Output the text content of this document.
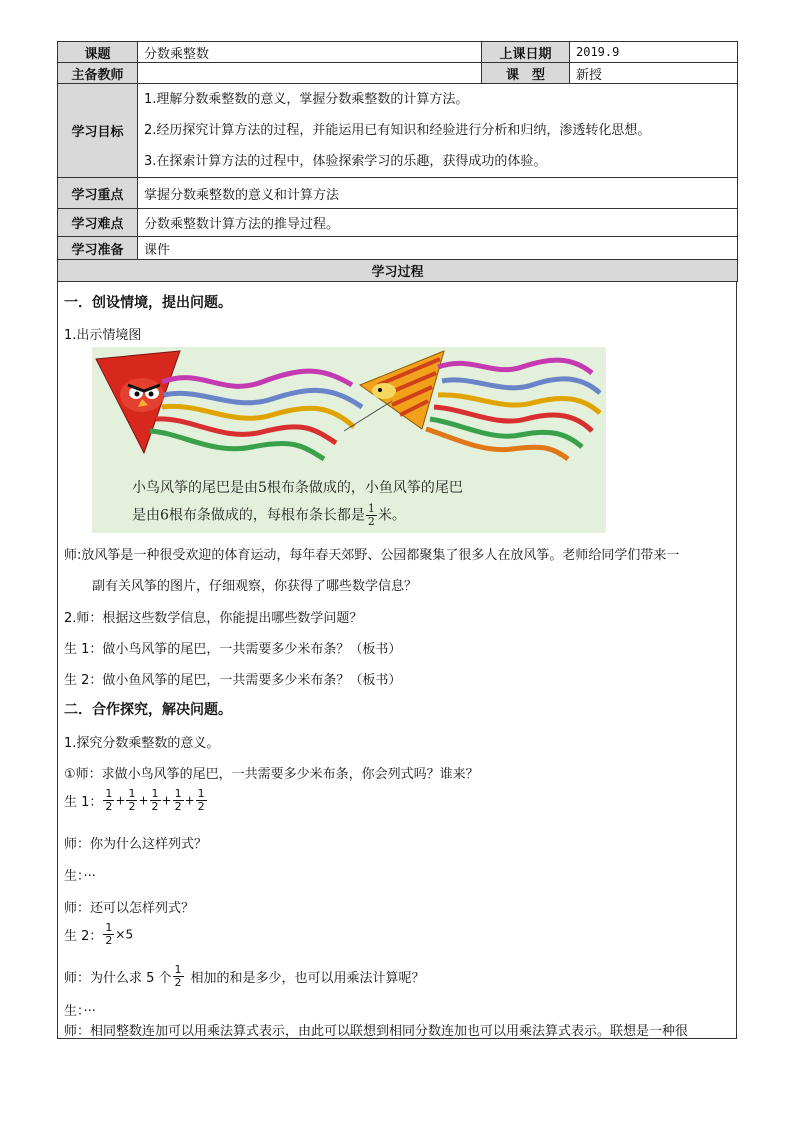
课题	分数乘整数	上课日期	2019.9
主备教师		课　型	新授
学习目标	1.理解分数乘整数的意义，掌握分数乘整数的计算方法。
2.经历探究计算方法的过程，并能运用已有知识和经验进行分析和归纳，渗透转化思想。
3.在探索计算方法的过程中，体验探索学习的乐趣，获得成功的体验。		

学习重点	掌握分数乘整数的意义和计算方法		
学习难点	分数乘整数计算方法的推导过程。		
学习准备	课件		
学习过程			
一．创设情境，提出问题。
1.出示情境图
小鸟风筝的尾巴是由5根布条做成的，小鱼风筝的尾巴
是由6根布条做成的，每根布条长都是 $\frac{1}{2}$ 米。
师:放风筝是一种很受欢迎的体育运动，每年春天郊野、公园都聚集了很多人在放风筝。老师给同学们带来一
副有关风筝的图片，仔细观察，你获得了哪些数学信息？
2.师：根据这些数学信息，你能提出哪些数学问题？
生 1：做小鸟风筝的尾巴，一共需要多少米布条？（板书）
生 2：做小鱼风筝的尾巴，一共需要多少米布条？（板书）
二．合作探究，解决问题。
1.探究分数乘整数的意义。
①师：求做小鸟风筝的尾巴，一共需要多少米布条，你会列式吗？谁来？
生 1： $\frac{1}{2} + \frac{1}{2} + \frac{1}{2} + \frac{1}{2} + \frac{1}{2}$
师：你为什么这样列式？
生：···
师：还可以怎样列式？
生 2： $\frac{1}{2} \times 5$
师：为什么求 5 个 $\frac{1}{2}$ 相加的和是多少，也可以用乘法计算呢？
生：···
师：相同整数连加可以用乘法算式表示，由此可以联想到相同分数连加也可以用乘法算式表示。联想是一种很
